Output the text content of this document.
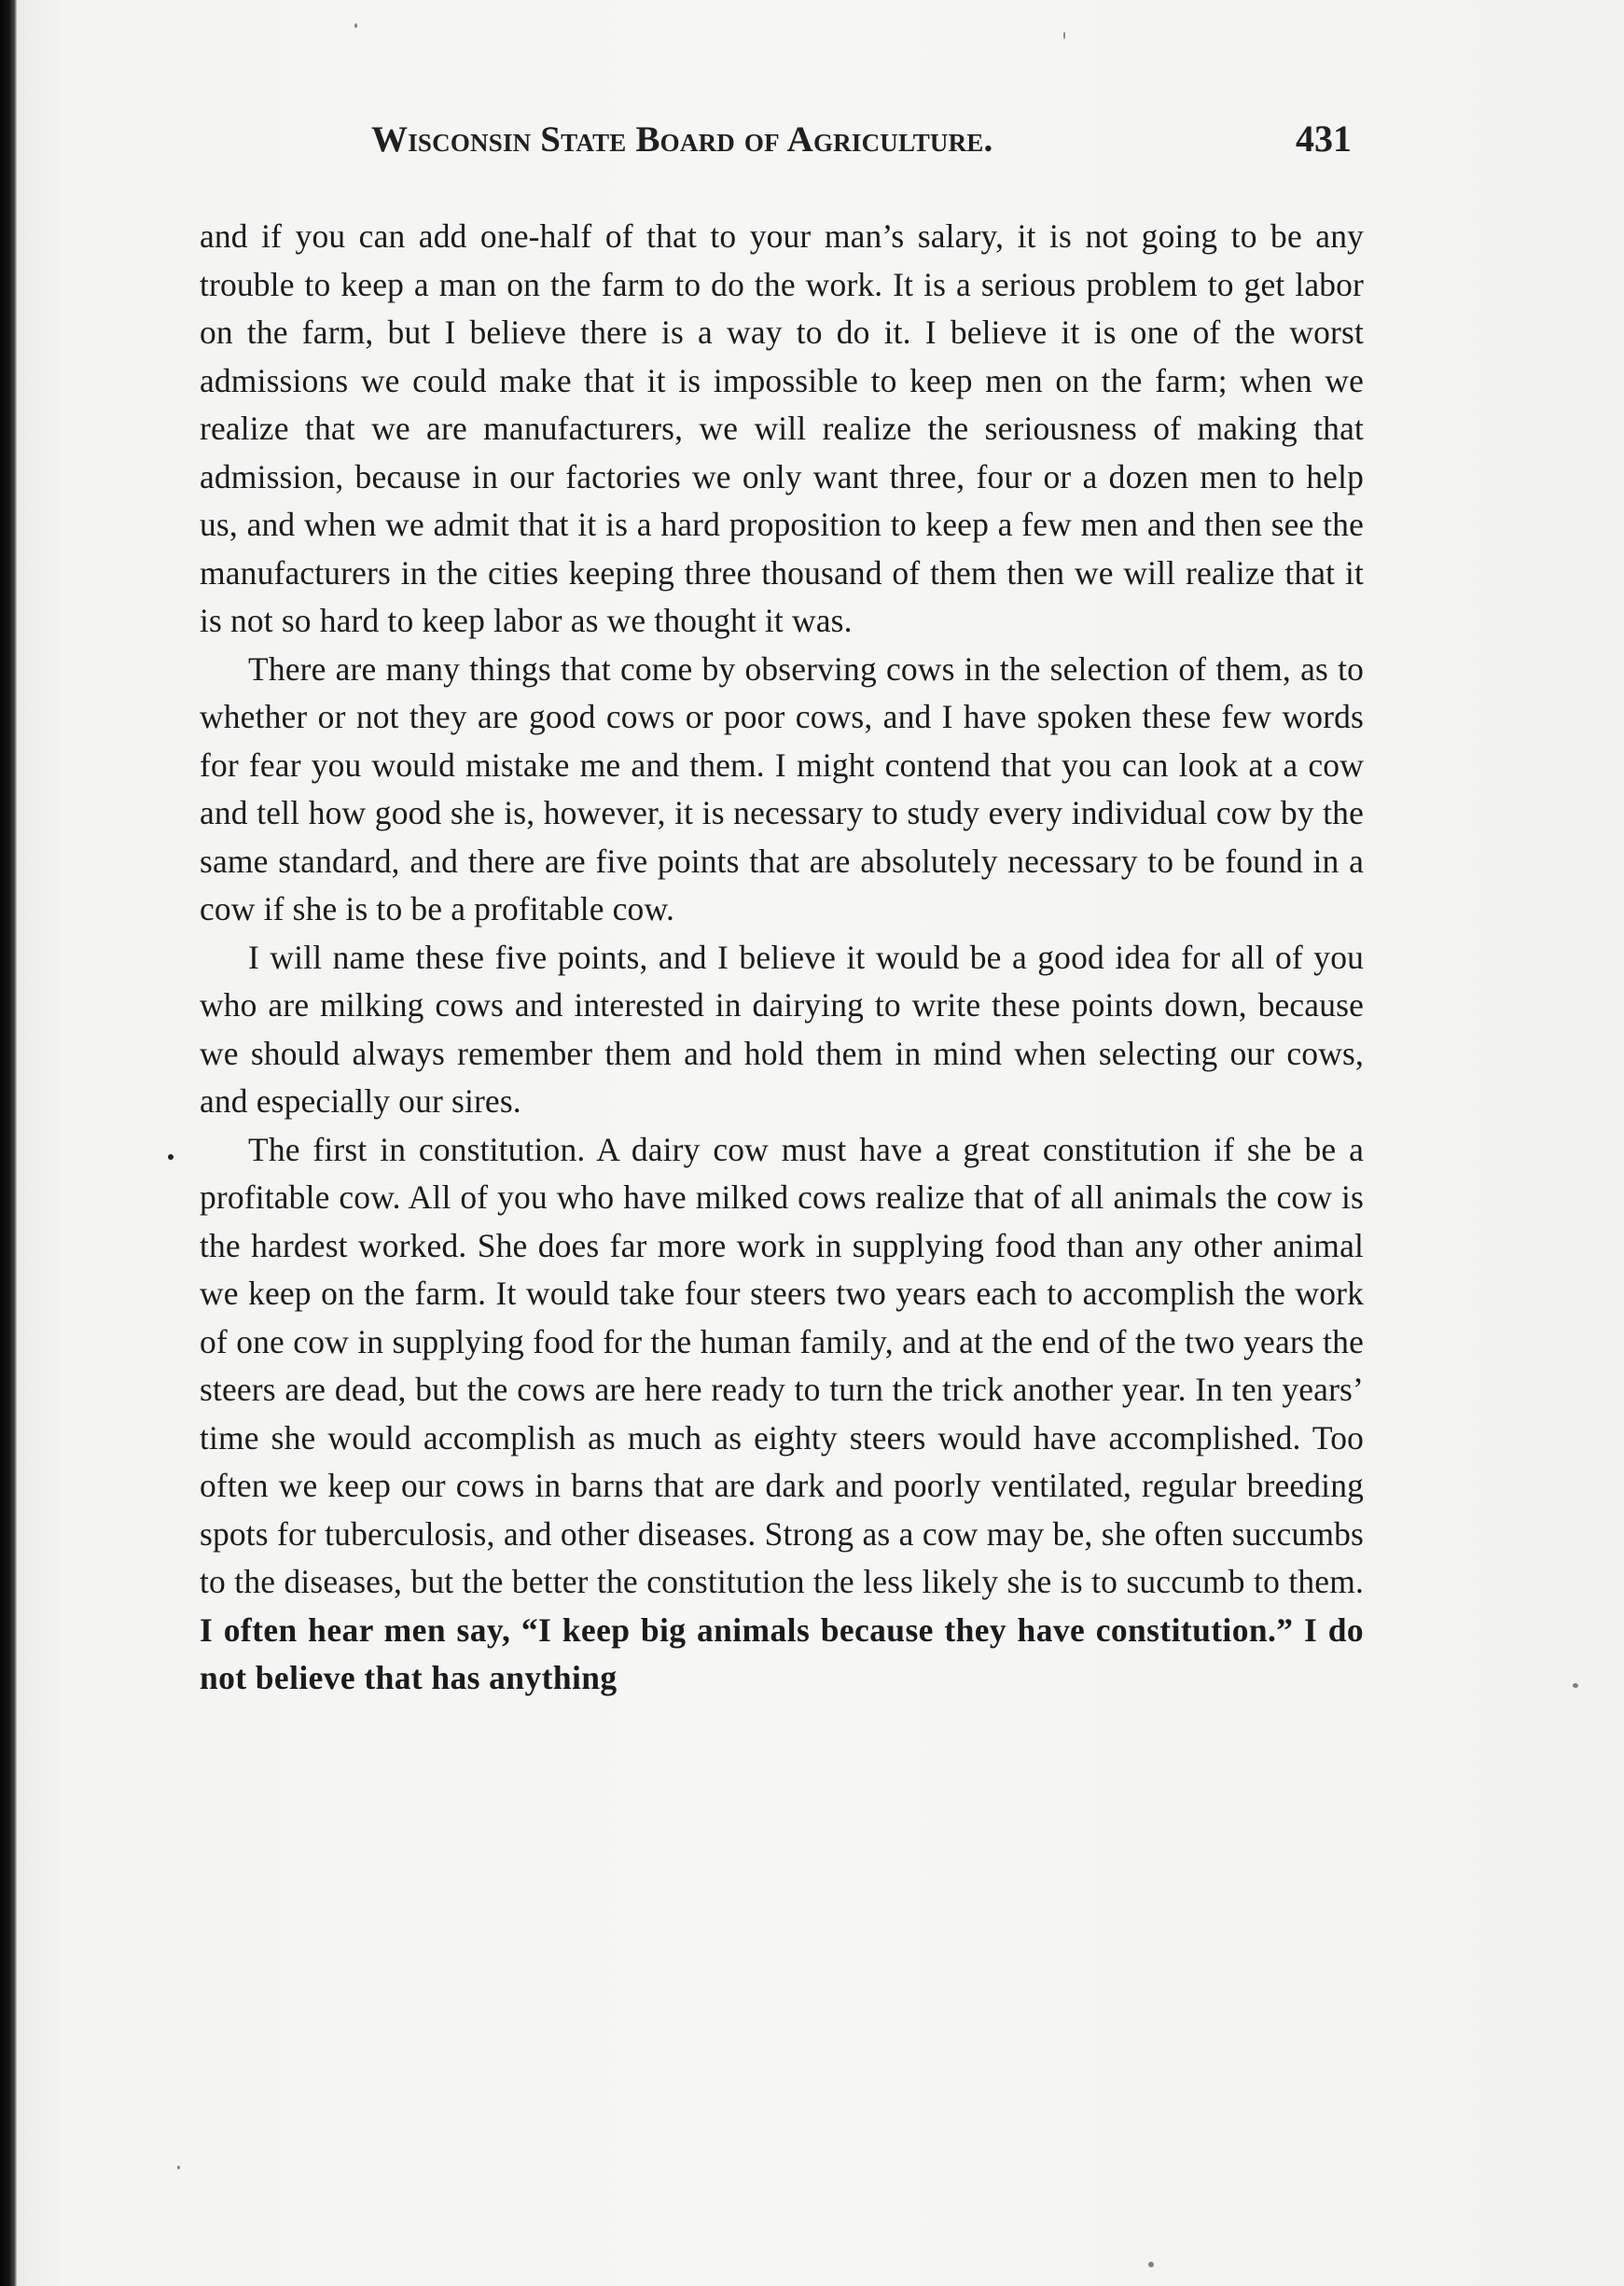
Wisconsin State Board of Agriculture.	431

and if you can add one-half of that to your man’s salary, it is not going to be any trouble to keep a man on the farm to do the work. It is a serious problem to get labor on the farm, but I believe there is a way to do it. I believe it is one of the worst admissions we could make that it is impossible to keep men on the farm; when we realize that we are manufacturers, we will realize the seriousness of making that admission, because in our factories we only want three, four or a dozen men to help us, and when we admit that it is a hard proposition to keep a few men and then see the manufacturers in the cities keeping three thousand of them then we will realize that it is not so hard to keep labor as we thought it was.

There are many things that come by observing cows in the selection of them, as to whether or not they are good cows or poor cows, and I have spoken these few words for fear you would mistake me and them. I might contend that you can look at a cow and tell how good she is, however, it is necessary to study every individual cow by the same standard, and there are five points that are absolutely necessary to be found in a cow if she is to be a profitable cow.

I will name these five points, and I believe it would be a good idea for all of you who are milking cows and interested in dairying to write these points down, because we should always remember them and hold them in mind when selecting our cows, and especially our sires.

The first in constitution. A dairy cow must have a great constitution if she be a profitable cow. All of you who have milked cows realize that of all animals the cow is the hardest worked. She does far more work in supplying food than any other animal we keep on the farm. It would take four steers two years each to accomplish the work of one cow in supplying food for the human family, and at the end of the two years the steers are dead, but the cows are here ready to turn the trick another year. In ten years’ time she would accomplish as much as eighty steers would have accomplished. Too often we keep our cows in barns that are dark and poorly ventilated, regular breeding spots for tuberculosis, and other diseases. Strong as a cow may be, she often succumbs to the diseases, but the better the constitution the less likely she is to succumb to them. I often hear men say, “I keep big animals because they have constitution.” I do not believe that has anything
